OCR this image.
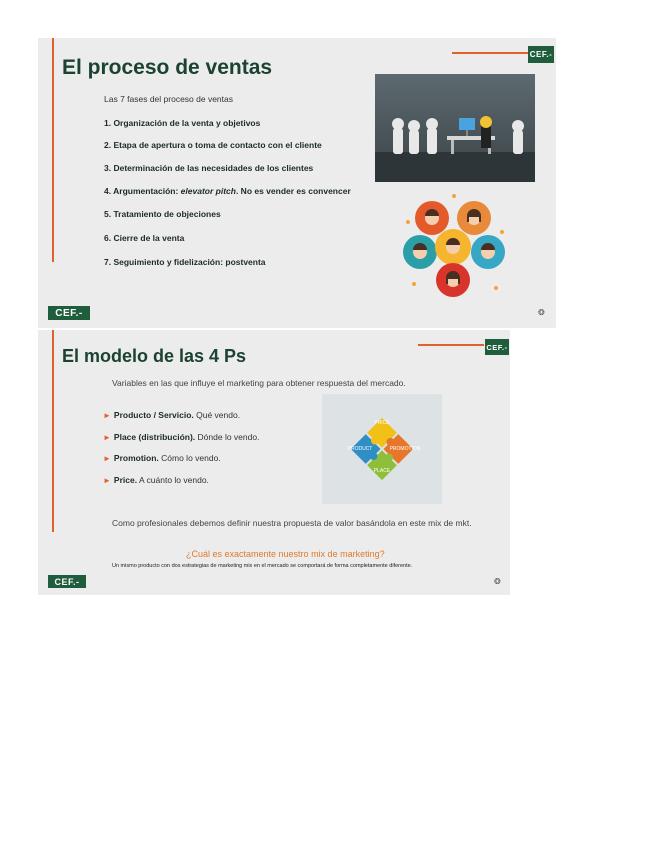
CEF.-
El proceso de ventas
Las 7 fases del proceso de ventas
1. Organización de la venta y objetivos
2. Etapa de apertura o toma de contacto con el cliente
3. Determinación de las necesidades de los clientes
4. Argumentación: elevator pitch. No es vender es convencer
5. Tratamiento de objeciones
6. Cierre de la venta
7. Seguimiento y fidelización: postventa
CEF.-	❂
CEF.-
El modelo de las 4 Ps
Variables en las que influye el marketing para obtener respuesta del mercado.
► Producto / Servicio. Qué vendo.
► Place (distribución). Dónde lo vendo.
► Promotion. Cómo lo vendo.
► Price. A cuánto lo vendo.
PRICE
PRODUCT	PROMOTION
PLACE
Como profesionales debemos definir nuestra propuesta de valor basándola en este mix de mkt.
¿Cuál es exactamente nuestro mix de marketing?
Un mismo producto con dos estrategias de marketing mix en el mercado se comportará de forma completamente diferente.
CEF.-	❂
